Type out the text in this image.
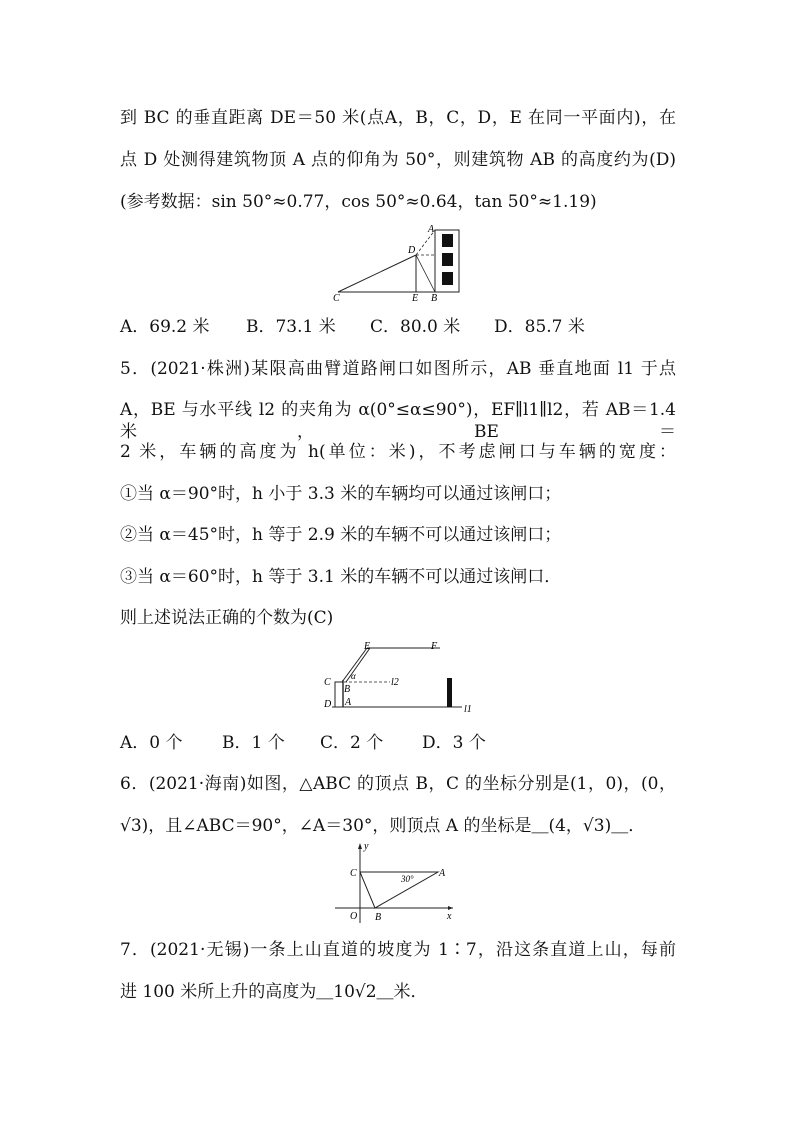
到 BC 的垂直距离 DE＝50 米(点A，B，C，D，E 在同一平面内)，在
点 D 处测得建筑物顶 A 点的仰角为 50°，则建筑物 AB 的高度约为(D)
(参考数据：sin 50°≈0.77，cos 50°≈0.64，tan 50°≈1.19)
A
D
C	E B
A．69.2 米 B．73.1 米 C．80.0 米 D．85.7 米
5．(2021·株洲)某限高曲臂道路闸口如图所示，AB 垂直地面 l1 于点
A，BE 与水平线 l2 的夹角为 α(0°≤α≤90°)，EF∥l1∥l2，若 AB＝1.4 米，BE＝
2 米，车辆的高度为 h(单位：米)，不考虑闸口与车辆的宽度：
①当 α＝90°时，h 小于 3.3 米的车辆均可以通过该闸口；
②当 α＝45°时，h 等于 2.9 米的车辆不可以通过该闸口；
③当 α＝60°时，h 等于 3.1 米的车辆不可以通过该闸口．
则上述说法正确的个数为(C)
E	F
C
α
B
l2
D A
l1
A．0 个 B．1 个 C．2 个 D．3 个
6．(2021·海南)如图，△ABC 的顶点 B，C 的坐标分别是(1，0)，(0，
√3)，且∠ABC＝90°，∠A＝30°，则顶点 A 的坐标是＿(4，√3)＿．
y
C	30°	A
O B	x
7．(2021·无锡)一条上山直道的坡度为 1∶7，沿这条直道上山，每前
进 100 米所上升的高度为＿10√2＿米．
